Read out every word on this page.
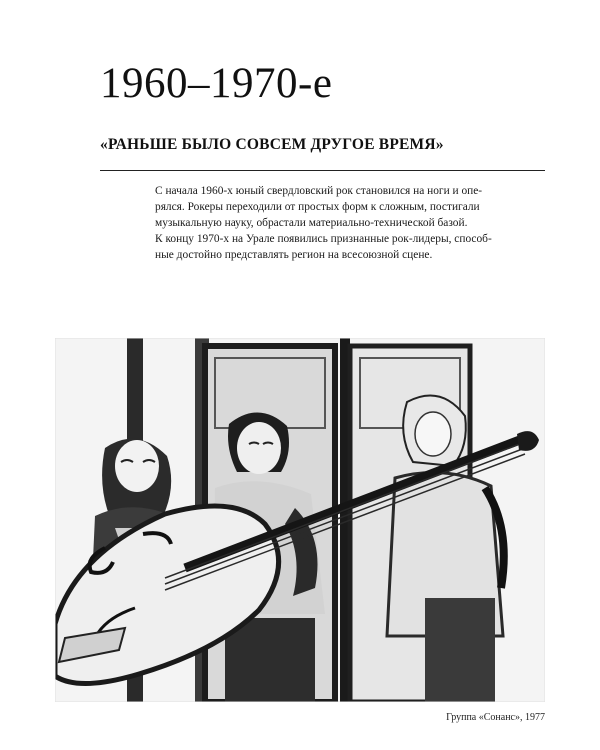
1960–1970-е
«РАНЬШЕ БЫЛО СОВСЕМ ДРУГОЕ ВРЕМЯ»
С начала 1960-х юный свердловский рок становился на ноги и опе-
рялся. Рокеры переходили от простых форм к сложным, постигали
музыкальную науку, обрастали материально-технической базой.
К концу 1970-х на Урале появились признанные рок-лидеры, способ-
ные достойно представлять регион на всесоюзной сцене.
Группа «Сонанс», 1977
